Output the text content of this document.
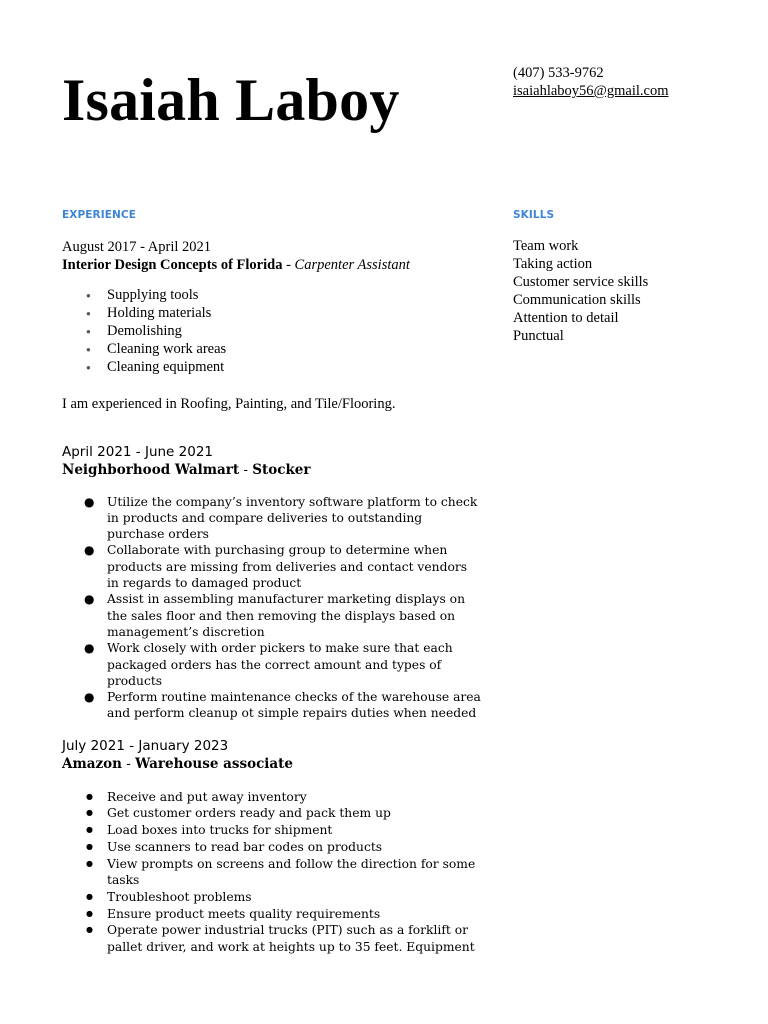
Isaiah Laboy	(407) 533-9762
isaiahlaboy56@gmail.com
EXPERIENCE	SKILLS
August 2017 - April 2021
Interior Design Concepts of Florida - Carpenter Assistant
● Supplying tools
● Holding materials
● Demolishing
● Cleaning work areas
● Cleaning equipment
I am experienced in Roofing, Painting, and Tile/Flooring.
April 2021 - June 2021
Neighborhood Walmart - Stocker
● Utilize the company’s inventory software platform to check in products and compare deliveries to outstanding purchase orders
● Collaborate with purchasing group to determine when products are missing from deliveries and contact vendors in regards to damaged product
● Assist in assembling manufacturer marketing displays on the sales floor and then removing the displays based on management’s discretion
● Work closely with order pickers to make sure that each packaged orders has the correct amount and types of products
● Perform routine maintenance checks of the warehouse area and perform cleanup ot simple repairs duties when needed
July 2021 - January 2023
Amazon - Warehouse associate
● Receive and put away inventory
● Get customer orders ready and pack them up
● Load boxes into trucks for shipment
● Use scanners to read bar codes on products
● View prompts on screens and follow the direction for some tasks
● Troubleshoot problems
● Ensure product meets quality requirements
● Operate power industrial trucks (PIT) such as a forklift or pallet driver, and work at heights up to 35 feet. Equipment
Team work
Taking action
Customer service skills
Communication skills
Attention to detail
Punctual
